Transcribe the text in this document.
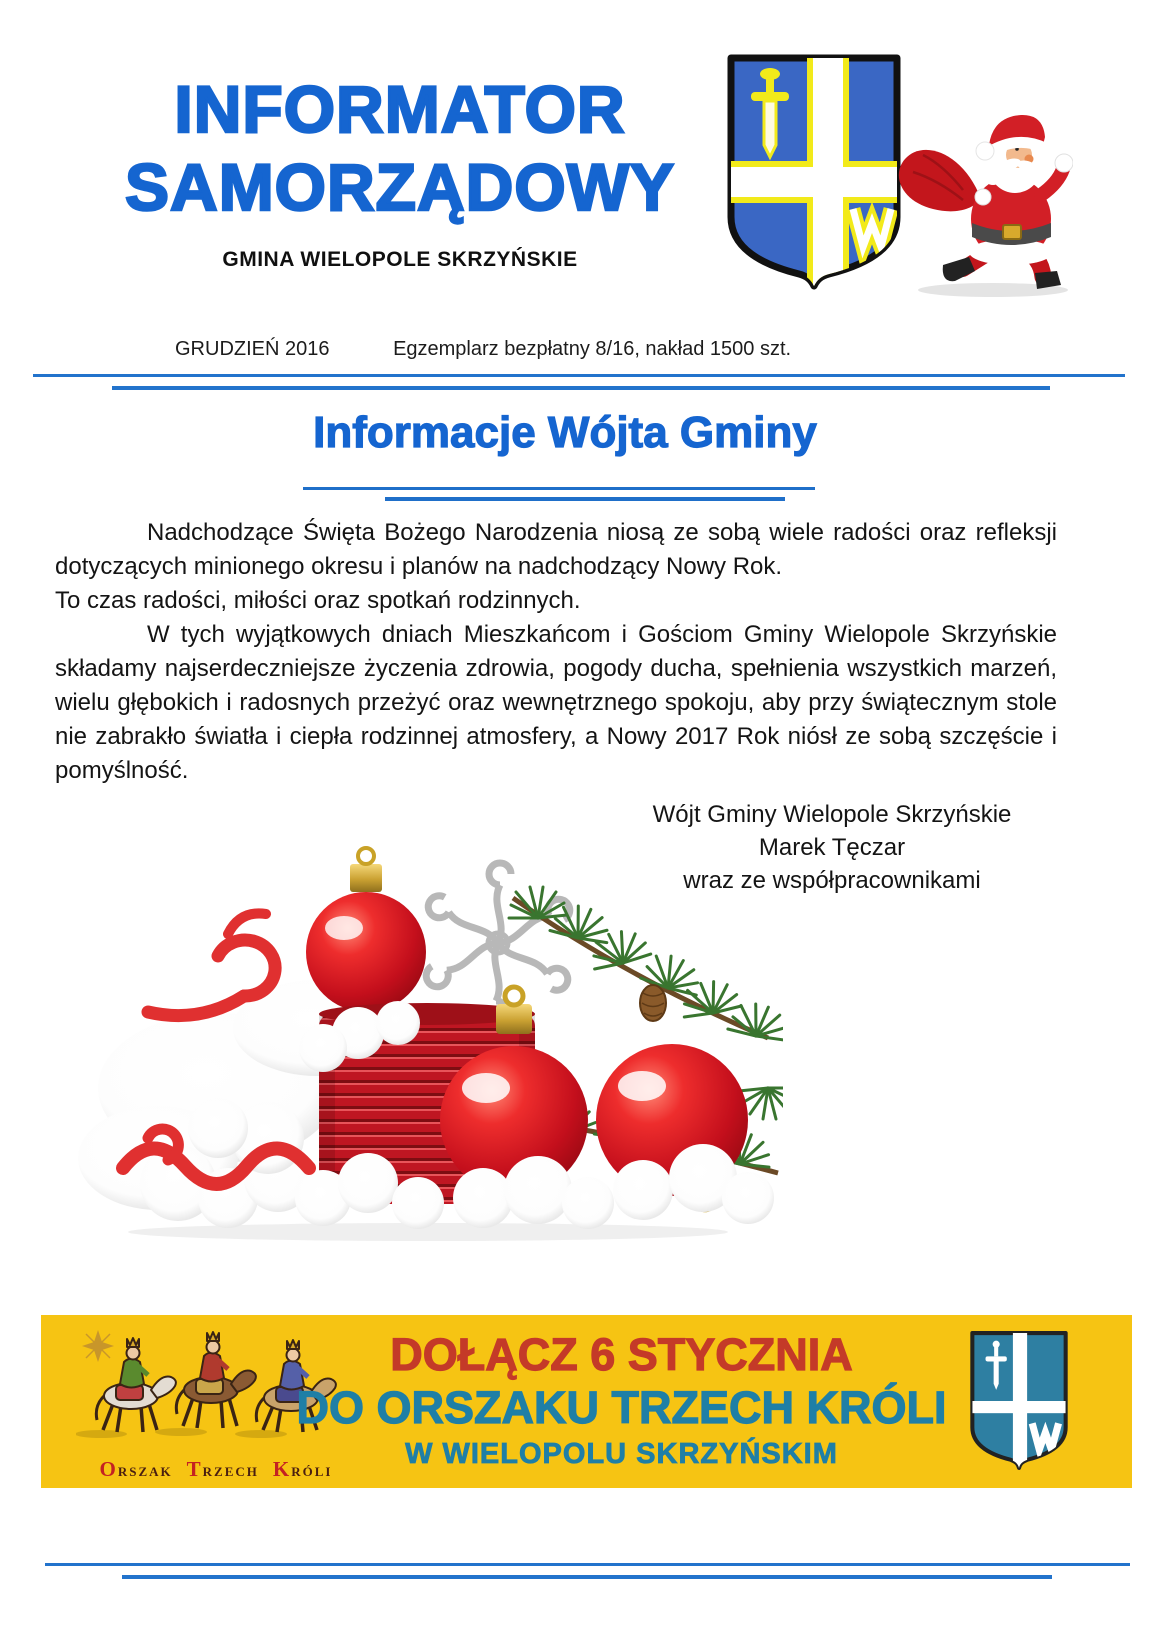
INFORMATOR
SAMORZĄDOWY
GMINA WIELOPOLE SKRZYŃSKIE
GRUDZIEŃ 2016	Egzemplarz bezpłatny 8/16, nakład 1500 szt.
Informacje Wójta Gminy

Nadchodzące Święta Bożego Narodzenia niosą ze sobą wiele radości oraz refleksji dotyczących minionego okresu i planów na nadchodzący Nowy Rok.

To czas radości, miłości oraz spotkań rodzinnych.

W tych wyjątkowych dniach Mieszkańcom i Gościom Gminy Wielopole Skrzyńskie składamy najserdeczniejsze życzenia zdrowia, pogody ducha, spełnienia wszystkich marzeń, wielu głębokich i radosnych przeżyć oraz wewnętrznego spokoju, aby przy świątecznym stole nie zabrakło światła i ciepła rodzinnej atmosfery, a Nowy 2017 Rok niósł ze sobą szczęście i pomyślność.

Wójt Gminy Wielopole Skrzyńskie
Marek Tęczar
wraz ze współpracownikami
ORSZAK TRZECH KRÓLI
DOŁĄCZ 6 STYCZNIA
DO ORSZAKU TRZECH KRÓLI
W WIELOPOLU SKRZYŃSKIM
